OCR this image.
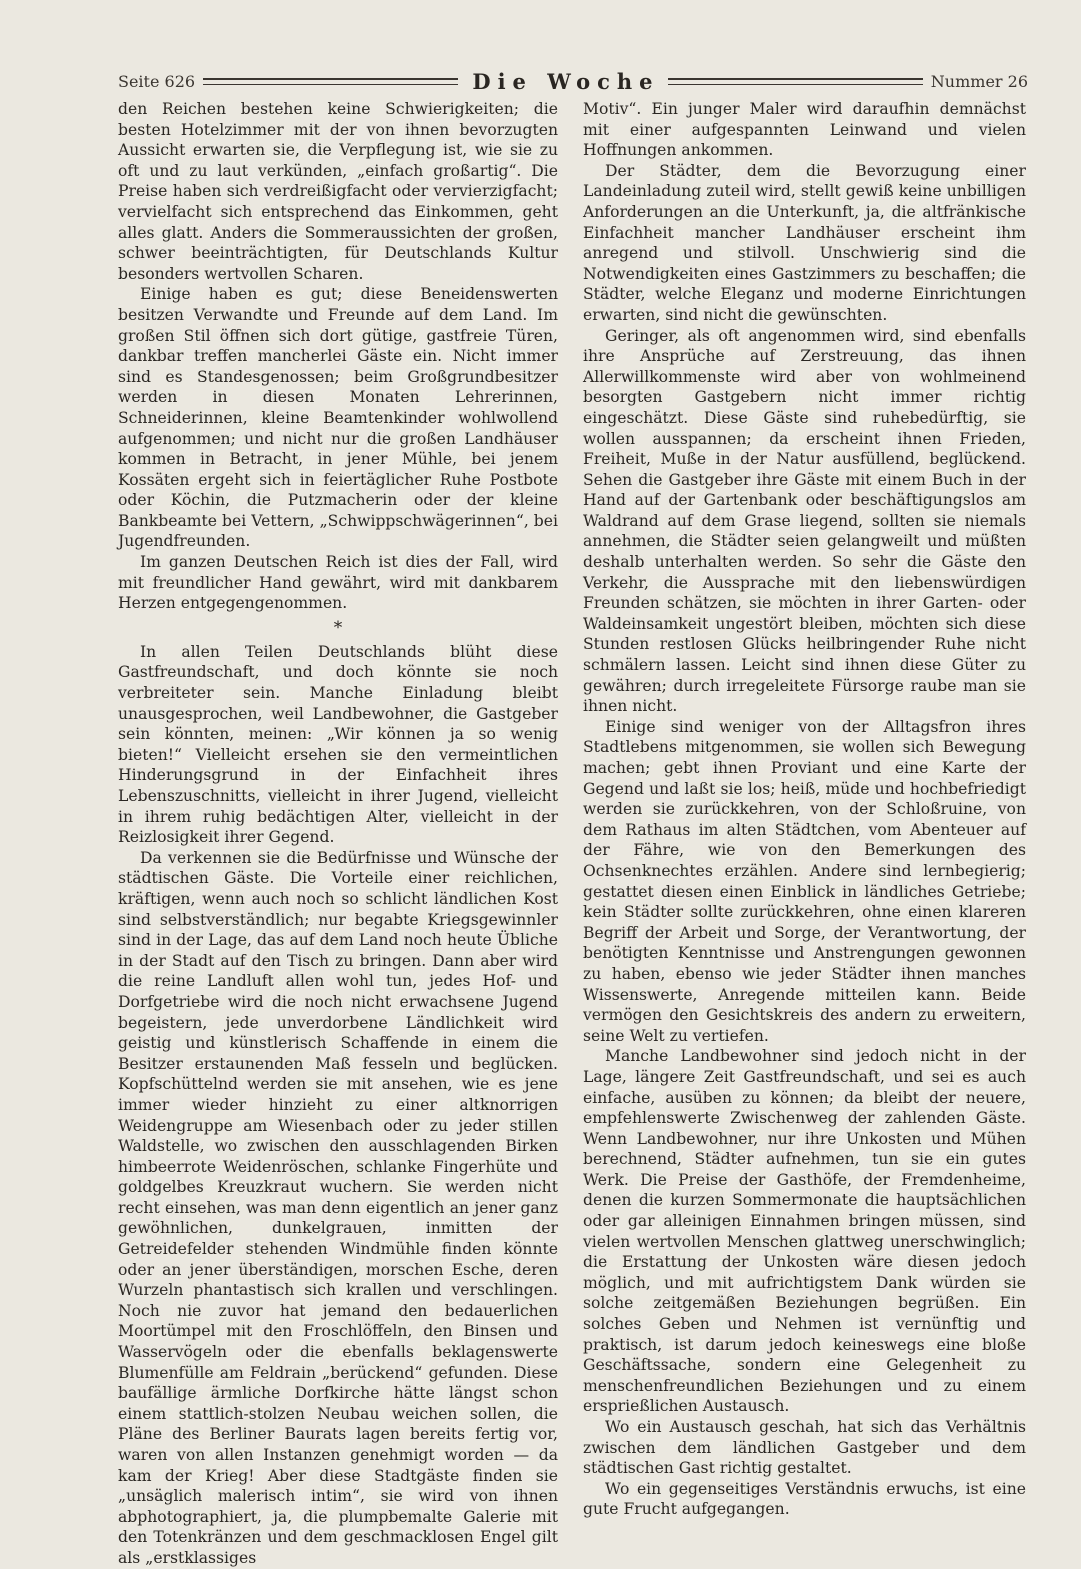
Seite 626	Die Woche	Nummer 26

den Reichen bestehen keine Schwierigkeiten; die besten Hotelzimmer mit der von ihnen bevorzugten Aussicht erwarten sie, die Verpflegung ist, wie sie zu oft und zu laut verkünden, „einfach großartig“. Die Preise haben sich verdreißigfacht oder vervierzigfacht; vervielfacht sich entsprechend das Einkommen, geht alles glatt. Anders die Sommeraussichten der großen, schwer beeinträchtigten, für Deutschlands Kultur besonders wertvollen Scharen.

Einige haben es gut; diese Beneidenswerten besitzen Verwandte und Freunde auf dem Land. Im großen Stil öffnen sich dort gütige, gastfreie Türen, dankbar treffen mancherlei Gäste ein. Nicht immer sind es Standesgenossen; beim Großgrundbesitzer werden in diesen Monaten Lehrerinnen, Schneiderinnen, kleine Beamtenkinder wohlwollend aufgenommen; und nicht nur die großen Landhäuser kommen in Betracht, in jener Mühle, bei jenem Kossäten ergeht sich in feiertäglicher Ruhe Postbote oder Köchin, die Putzmacherin oder der kleine Bankbeamte bei Vettern, „Schwippschwägerinnen“, bei Jugendfreunden.

Im ganzen Deutschen Reich ist dies der Fall, wird mit freundlicher Hand gewährt, wird mit dankbarem Herzen entgegengenommen.

*

In allen Teilen Deutschlands blüht diese Gastfreundschaft, und doch könnte sie noch verbreiteter sein. Manche Einladung bleibt unausgesprochen, weil Landbewohner, die Gastgeber sein könnten, meinen: „Wir können ja so wenig bieten!“ Vielleicht ersehen sie den vermeintlichen Hinderungsgrund in der Einfachheit ihres Lebenszuschnitts, vielleicht in ihrer Jugend, vielleicht in ihrem ruhig bedächtigen Alter, vielleicht in der Reizlosigkeit ihrer Gegend.

Da verkennen sie die Bedürfnisse und Wünsche der städtischen Gäste. Die Vorteile einer reichlichen, kräftigen, wenn auch noch so schlicht ländlichen Kost sind selbstverständlich; nur begabte Kriegsgewinnler sind in der Lage, das auf dem Land noch heute Übliche in der Stadt auf den Tisch zu bringen. Dann aber wird die reine Landluft allen wohl tun, jedes Hof- und Dorfgetriebe wird die noch nicht erwachsene Jugend begeistern, jede unverdorbene Ländlichkeit wird geistig und künstlerisch Schaffende in einem die Besitzer erstaunenden Maß fesseln und beglücken. Kopfschüttelnd werden sie mit ansehen, wie es jene immer wieder hinzieht zu einer altknorrigen Weidengruppe am Wiesenbach oder zu jeder stillen Waldstelle, wo zwischen den ausschlagenden Birken himbeerrote Weidenröschen, schlanke Fingerhüte und goldgelbes Kreuzkraut wuchern. Sie werden nicht recht einsehen, was man denn eigentlich an jener ganz gewöhnlichen, dunkelgrauen, inmitten der Getreidefelder stehenden Windmühle finden könnte oder an jener überständigen, morschen Esche, deren Wurzeln phantastisch sich krallen und verschlingen. Noch nie zuvor hat jemand den bedauerlichen Moortümpel mit den Froschlöffeln, den Binsen und Wasservögeln oder die ebenfalls beklagenswerte Blumenfülle am Feldrain „berückend“ gefunden. Diese baufällige ärmliche Dorfkirche hätte längst schon einem stattlich-stolzen Neubau weichen sollen, die Pläne des Berliner Baurats lagen bereits fertig vor, waren von allen Instanzen genehmigt worden — da kam der Krieg! Aber diese Stadtgäste finden sie „unsäglich malerisch intim“, sie wird von ihnen abphotographiert, ja, die plumpbemalte Galerie mit den Totenkränzen und dem geschmacklosen Engel gilt als „erstklassiges

Motiv“. Ein junger Maler wird daraufhin demnächst mit einer aufgespannten Leinwand und vielen Hoffnungen ankommen.

Der Städter, dem die Bevorzugung einer Landeinladung zuteil wird, stellt gewiß keine unbilligen Anforderungen an die Unterkunft, ja, die altfränkische Einfachheit mancher Landhäuser erscheint ihm anregend und stilvoll. Unschwierig sind die Notwendigkeiten eines Gastzimmers zu beschaffen; die Städter, welche Eleganz und moderne Einrichtungen erwarten, sind nicht die gewünschten.

Geringer, als oft angenommen wird, sind ebenfalls ihre Ansprüche auf Zerstreuung, das ihnen Allerwillkommenste wird aber von wohlmeinend besorgten Gastgebern nicht immer richtig eingeschätzt. Diese Gäste sind ruhebedürftig, sie wollen ausspannen; da erscheint ihnen Frieden, Freiheit, Muße in der Natur ausfüllend, beglückend. Sehen die Gastgeber ihre Gäste mit einem Buch in der Hand auf der Gartenbank oder beschäftigungslos am Waldrand auf dem Grase liegend, sollten sie niemals annehmen, die Städter seien gelangweilt und müßten deshalb unterhalten werden. So sehr die Gäste den Verkehr, die Aussprache mit den liebenswürdigen Freunden schätzen, sie möchten in ihrer Garten- oder Waldeinsamkeit ungestört bleiben, möchten sich diese Stunden restlosen Glücks heilbringender Ruhe nicht schmälern lassen. Leicht sind ihnen diese Güter zu gewähren; durch irregeleitete Fürsorge raube man sie ihnen nicht.

Einige sind weniger von der Alltagsfron ihres Stadtlebens mitgenommen, sie wollen sich Bewegung machen; gebt ihnen Proviant und eine Karte der Gegend und laßt sie los; heiß, müde und hochbefriedigt werden sie zurückkehren, von der Schloßruine, von dem Rathaus im alten Städtchen, vom Abenteuer auf der Fähre, wie von den Bemerkungen des Ochsenknechtes erzählen. Andere sind lernbegierig; gestattet diesen einen Einblick in ländliches Getriebe; kein Städter sollte zurückkehren, ohne einen klareren Begriff der Arbeit und Sorge, der Verantwortung, der benötigten Kenntnisse und Anstrengungen gewonnen zu haben, ebenso wie jeder Städter ihnen manches Wissenswerte, Anregende mitteilen kann. Beide vermögen den Gesichtskreis des andern zu erweitern, seine Welt zu vertiefen.

Manche Landbewohner sind jedoch nicht in der Lage, längere Zeit Gastfreundschaft, und sei es auch einfache, ausüben zu können; da bleibt der neuere, empfehlenswerte Zwischenweg der zahlenden Gäste. Wenn Landbewohner, nur ihre Unkosten und Mühen berechnend, Städter aufnehmen, tun sie ein gutes Werk. Die Preise der Gasthöfe, der Fremdenheime, denen die kurzen Sommermonate die hauptsächlichen oder gar alleinigen Einnahmen bringen müssen, sind vielen wertvollen Menschen glattweg unerschwinglich; die Erstattung der Unkosten wäre diesen jedoch möglich, und mit aufrichtigstem Dank würden sie solche zeitgemäßen Beziehungen begrüßen. Ein solches Geben und Nehmen ist vernünftig und praktisch, ist darum jedoch keineswegs eine bloße Geschäftssache, sondern eine Gelegenheit zu menschenfreundlichen Beziehungen und zu einem ersprießlichen Austausch.

Wo ein Austausch geschah, hat sich das Verhältnis zwischen dem ländlichen Gastgeber und dem städtischen Gast richtig gestaltet.

Wo ein gegenseitiges Verständnis erwuchs, ist eine gute Frucht aufgegangen.
